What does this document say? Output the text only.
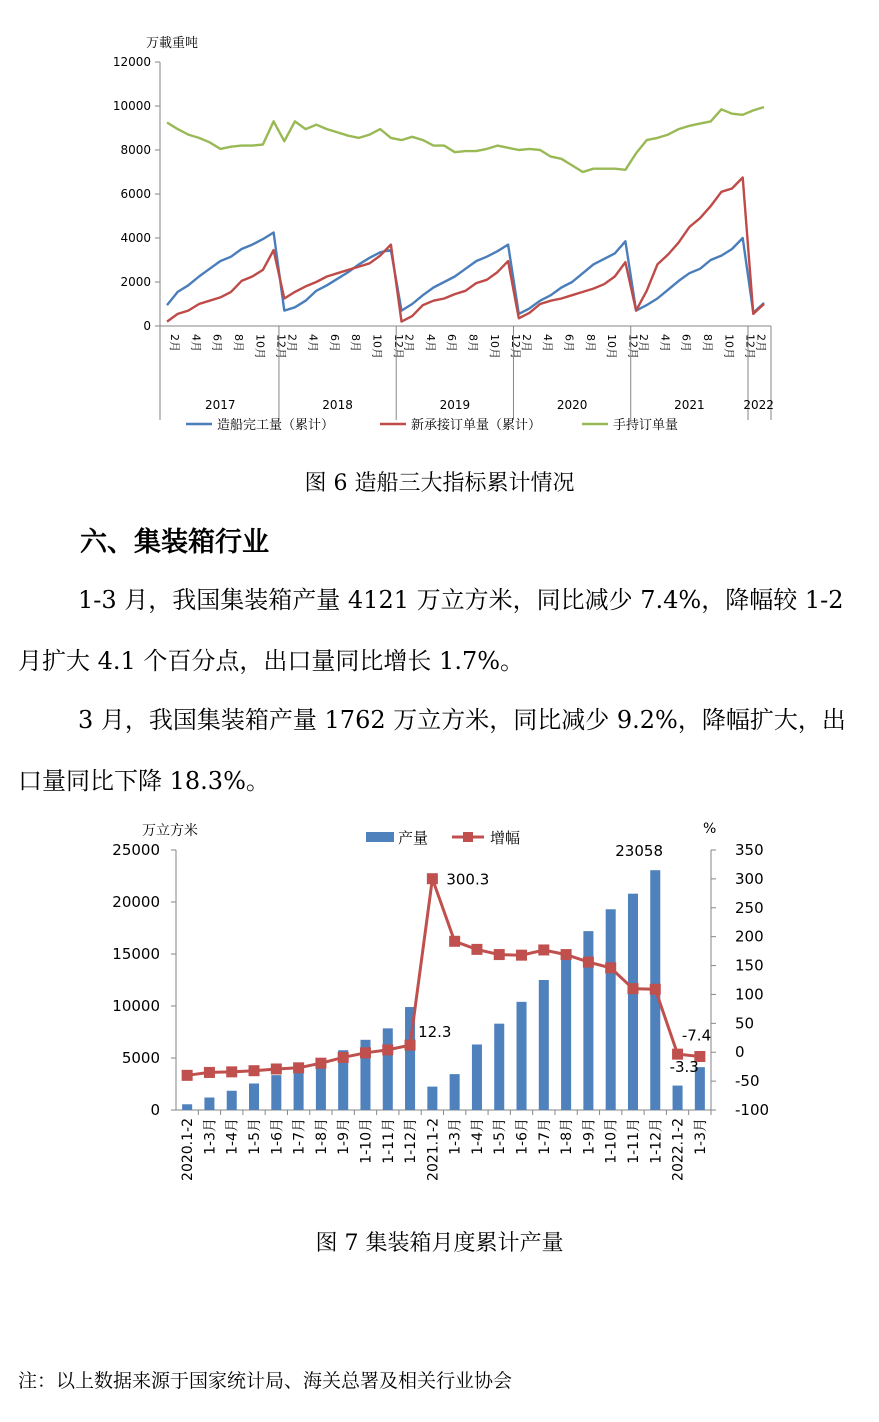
万載重吨
0
2000
4000
6000
8000
10000
12000
2月 4月 6月 8月 10月 12月
2017
2月 4月 6月 8月 10月 12月
2018
2月 4月 6月 8月 10月 12月
2019
2月 4月 6月 8月 10月 12月
2020
2月 4月 6月 8月 10月 12月
2021
2月
2022
造船完工量（累计）	新承接订单量（累计）	手持订单量
图 6 造船三大指标累计情况
六、集装箱行业
1-3 月，我国集装箱产量 4121 万立方米，同比减少 7.4%，降幅较 1-2 月扩大 4.1 个百分点，出口量同比增长 1.7%。
3 月，我国集装箱产量 1762 万立方米，同比减少 9.2%，降幅扩大，出口量同比下降 18.3%。
万立方米	%
0
5000
10000
15000
20000
25000
-100
-50
0
50
100
150
200
250
300
350
2020.1-2 1-3月 1-4月 1-5月 1-6月 1-7月 1-8月 1-9月 1-10月 1-11月 1-12月 2021.1-2 1-3月 1-4月 1-5月 1-6月 1-7月 1-8月 1-9月 1-10月 1-11月 1-12月 2022.1-2 1-3月
12.3
300.3
23058
-3.3
-7.4
产量	增幅
图 7 集装箱月度累计产量
注：以上数据来源于国家统计局、海关总署及相关行业协会
